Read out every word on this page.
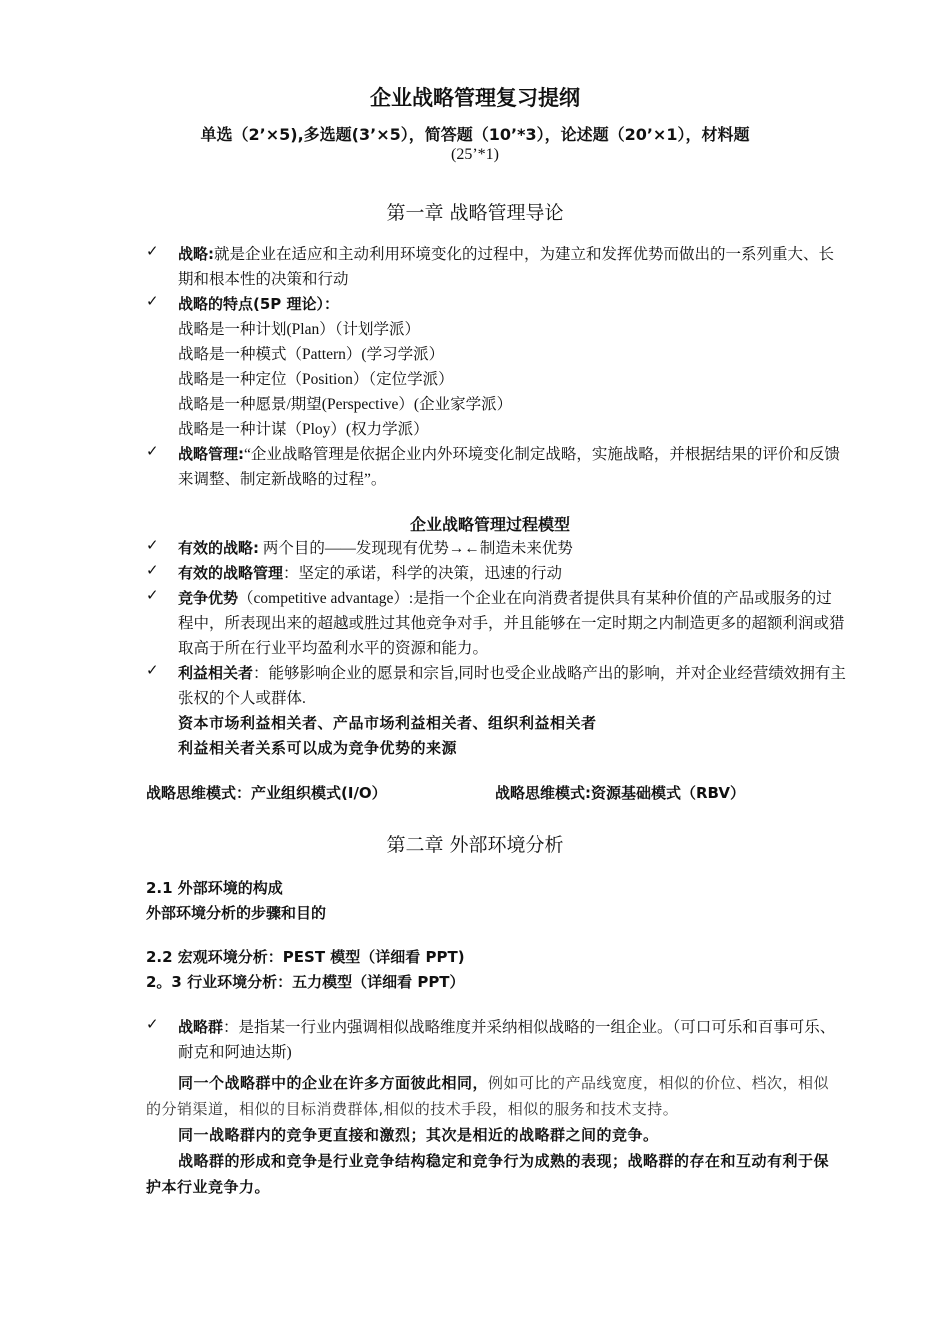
企业战略管理复习提纲
单选（2’×5),多选题(3’×5），简答题（10’*3），论述题（20’×1），材料题
(25’*1)
第一章 战略管理导论
✓ 战略:就是企业在适应和主动利用环境变化的过程中，为建立和发挥优势而做出的一系列重大、长期和根本性的决策和行动
✓ 战略的特点(5P 理论）：
战略是一种计划(Plan）（计划学派）
战略是一种模式（Pattern）(学习学派）
战略是一种定位（Position）（定位学派）
战略是一种愿景/期望(Perspective）(企业家学派）
战略是一种计谋（Ploy）(权力学派）
✓ 战略管理:“企业战略管理是依据企业内外环境变化制定战略，实施战略，并根据结果的评价和反馈来调整、制定新战略的过程”。
企业战略管理过程模型
✓ 有效的战略: 两个目的——发现现有优势→←制造未来优势
✓ 有效的战略管理：坚定的承诺，科学的决策，迅速的行动
✓ 竞争优势（competitive advantage）:是指一个企业在向消费者提供具有某种价值的产品或服务的过程中，所表现出来的超越或胜过其他竞争对手，并且能够在一定时期之内制造更多的超额利润或猎取高于所在行业平均盈利水平的资源和能力。
✓ 利益相关者：能够影响企业的愿景和宗旨,同时也受企业战略产出的影响，并对企业经营绩效拥有主张权的个人或群体.
资本市场利益相关者、产品市场利益相关者、组织利益相关者
利益相关者关系可以成为竞争优势的来源
战略思维模式：产业组织模式(I/O）	战略思维模式:资源基础模式（RBV）
第二章 外部环境分析
2.1 外部环境的构成
外部环境分析的步骤和目的
2.2 宏观环境分析：PEST 模型（详细看 PPT)
2。3 行业环境分析：五力模型（详细看 PPT）
✓ 战略群：是指某一行业内强调相似战略维度并采纳相似战略的一组企业。（可口可乐和百事可乐、耐克和阿迪达斯)
同一个战略群中的企业在许多方面彼此相同，例如可比的产品线宽度，相似的价位、档次，相似的分销渠道，相似的目标消费群体,相似的技术手段，相似的服务和技术支持。
同一战略群内的竞争更直接和激烈；其次是相近的战略群之间的竞争。
战略群的形成和竞争是行业竞争结构稳定和竞争行为成熟的表现；战略群的存在和互动有利于保护本行业竞争力。
